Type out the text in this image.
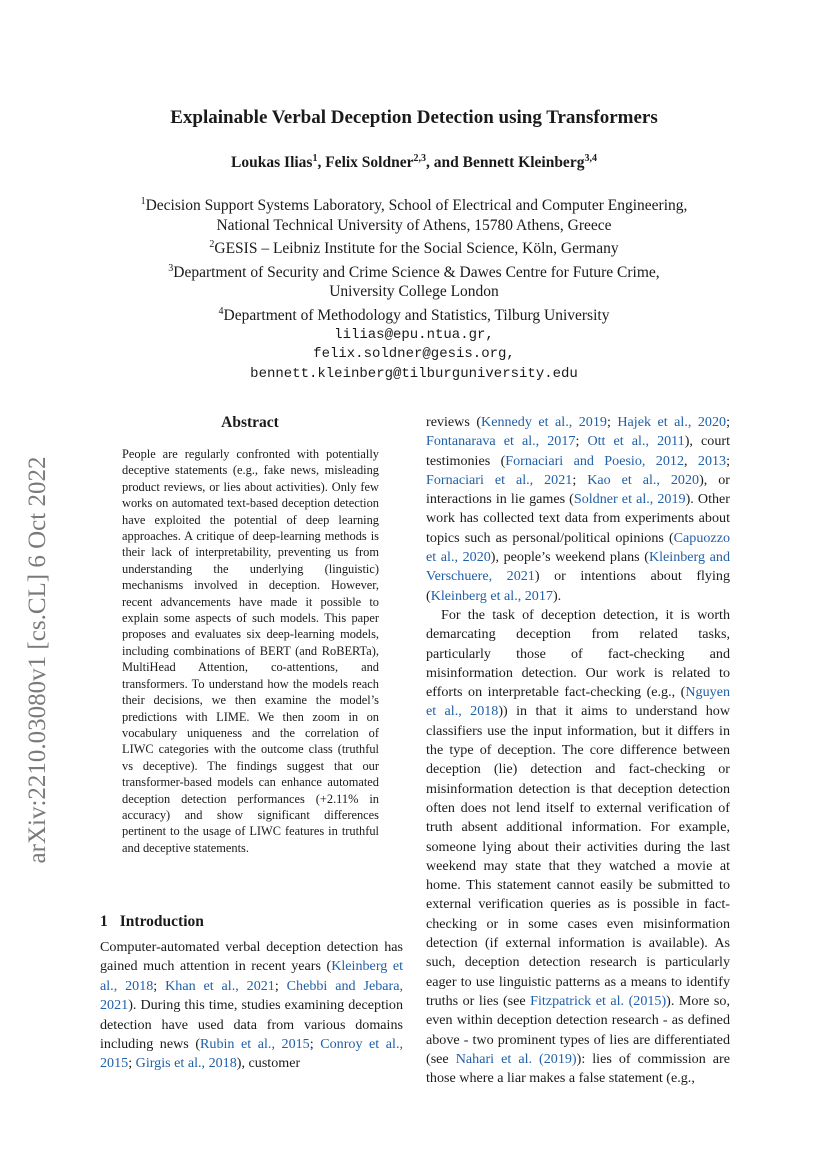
Explainable Verbal Deception Detection using Transformers
Loukas Ilias$^1$, Felix Soldner$^{2,3}$, and Bennett Kleinberg$^{3,4}$
$^1$Decision Support Systems Laboratory, School of Electrical and Computer Engineering,
National Technical University of Athens, 15780 Athens, Greece
$^2$GESIS – Leibniz Institute for the Social Science, Köln, Germany
$^3$Department of Security and Crime Science & Dawes Centre for Future Crime,
University College London
$^4$Department of Methodology and Statistics, Tilburg University
lilias@epu.ntua.gr,
felix.soldner@gesis.org,
bennett.kleinberg@tilburguniversity.edu
arXiv:2210.03080v1 [cs.CL] 6 Oct 2022
Abstract

People are regularly confronted with potentially deceptive statements (e.g., fake news, misleading product reviews, or lies about activities). Only few works on automated text-based deception detection have exploited the potential of deep learning approaches. A critique of deep-learning methods is their lack of interpretability, preventing us from understanding the underlying (linguistic) mechanisms involved in deception. However, recent advancements have made it possible to explain some aspects of such models. This paper proposes and evaluates six deep-learning models, including combinations of BERT (and RoBERTa), MultiHead Attention, co-attentions, and transformers. To understand how the models reach their decisions, we then examine the model’s predictions with LIME. We then zoom in on vocabulary uniqueness and the correlation of LIWC categories with the outcome class (truthful vs deceptive). The findings suggest that our transformer-based models can enhance automated deception detection performances (+2.11% in accuracy) and show significant differences pertinent to the usage of LIWC features in truthful and deceptive statements.

1 Introduction

Computer-automated verbal deception detection has gained much attention in recent years (Kleinberg et al., 2018; Khan et al., 2021; Chebbi and Jebara, 2021). During this time, studies examining deception detection have used data from various domains including news (Rubin et al., 2015; Conroy et al., 2015; Girgis et al., 2018), customer

reviews (Kennedy et al., 2019; Hajek et al., 2020; Fontanarava et al., 2017; Ott et al., 2011), court testimonies (Fornaciari and Poesio, 2012, 2013; Fornaciari et al., 2021; Kao et al., 2020), or interactions in lie games (Soldner et al., 2019). Other work has collected text data from experiments about topics such as personal/political opinions (Capuozzo et al., 2020), people’s weekend plans (Kleinberg and Verschuere, 2021) or intentions about flying (Kleinberg et al., 2017).

For the task of deception detection, it is worth demarcating deception from related tasks, particularly those of fact-checking and misinformation detection. Our work is related to efforts on interpretable fact-checking (e.g., (Nguyen et al., 2018)) in that it aims to understand how classifiers use the input information, but it differs in the type of deception. The core difference between deception (lie) detection and fact-checking or misinformation detection is that deception detection often does not lend itself to external verification of truth absent additional information. For example, someone lying about their activities during the last weekend may state that they watched a movie at home. This statement cannot easily be submitted to external verification queries as is possible in fact-checking or in some cases even misinformation detection (if external information is available). As such, deception detection research is particularly eager to use linguistic patterns as a means to identify truths or lies (see Fitzpatrick et al. (2015)). More so, even within deception detection research - as defined above - two prominent types of lies are differentiated (see Nahari et al. (2019)): lies of commission are those where a liar makes a false statement (e.g.,
